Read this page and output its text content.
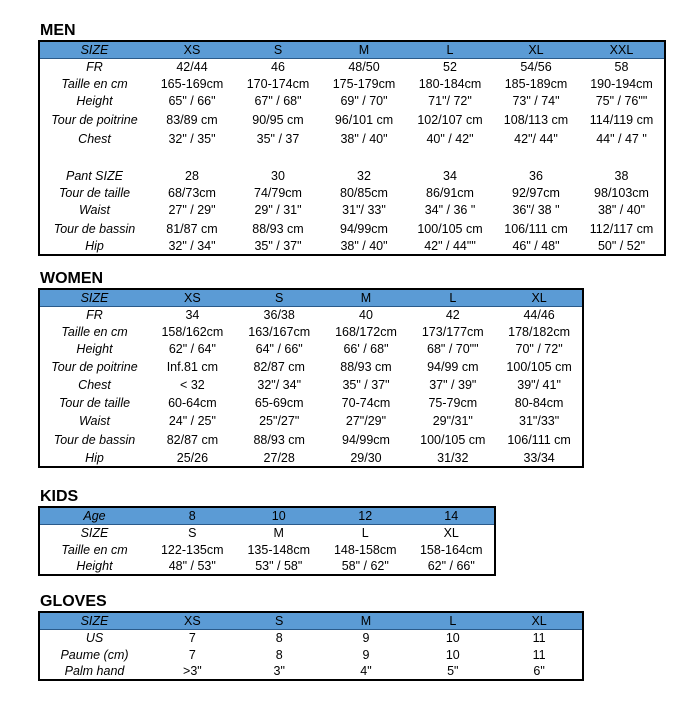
MEN
SIZE	XS	S	M	L	XL	XXL
FR	42/44	46	48/50	52	54/56	58
Taille en cm	165-169cm	170-174cm	175-179cm	180-184cm	185-189cm	190-194cm
Height	65" / 66"	67" / 68"	69" / 70"	71"/ 72"	73" / 74"	75" / 76""
Tour de poitrine	83/89 cm	90/95 cm	96/101 cm	102/107 cm	108/113 cm	114/119 cm
Chest	32" / 35"	35" / 37	38" / 40"	40" / 42"	42"/ 44"	44" / 47 "

Pant SIZE	28	30	32	34	36	38
Tour de taille	68/73cm	74/79cm	80/85cm	86/91cm	92/97cm	98/103cm
Waist	27" / 29"	29" / 31"	31"/ 33"	34" / 36 "	36"/ 38 "	38" / 40"
Tour de bassin	81/87 cm	88/93 cm	94/99cm	100/105 cm	106/111 cm	112/117 cm
Hip	32" / 34"	35" / 37"	38" / 40"	42" / 44""	46" / 48"	50" / 52"
WOMEN
SIZE	XS	S	M	L	XL
FR	34	36/38	40	42	44/46
Taille en cm	158/162cm	163/167cm	168/172cm	173/177cm	178/182cm
Height	62" / 64"	64" / 66"	66' / 68"	68" / 70""	70" / 72"
Tour de poitrine	Inf.81 cm	82/87 cm	88/93 cm	94/99 cm	100/105 cm
Chest	< 32	32"/ 34"	35" / 37"	37" / 39"	39"/ 41"
Tour de taille	60-64cm	65-69cm	70-74cm	75-79cm	80-84cm
Waist	24" / 25"	25"/27"	27"/29"	29"/31"	31"/33"
Tour de bassin	82/87 cm	88/93 cm	94/99cm	100/105 cm	106/111 cm
Hip	25/26	27/28	29/30	31/32	33/34
KIDS
Age	8	10	12	14
SIZE	S	M	L	XL
Taille en cm	122-135cm	135-148cm	148-158cm	158-164cm
Height	48" / 53"	53" / 58"	58" / 62"	62" / 66"
GLOVES
SIZE	XS	S	M	L	XL
US	7	8	9	10	11
Paume (cm)	7	8	9	10	11
Palm hand	>3"	3"	4"	5"	6"
